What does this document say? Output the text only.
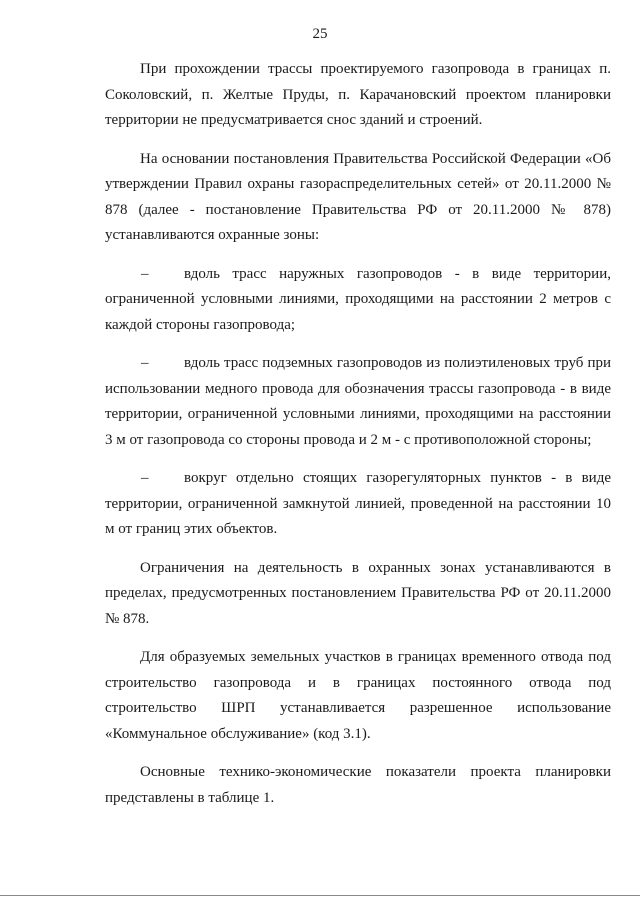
25

При прохождении трассы проектируемого газопровода в границах п. Соколовский, п. Желтые Пруды, п. Карачановский проектом планировки территории не предусматривается снос зданий и строений.

На основании постановления Правительства Российской Федерации «Об утверждении Правил охраны газораспределительных сетей» от 20.11.2000 № 878 (далее - постановление Правительства РФ от 20.11.2000 № 878) устанавливаются охранные зоны:

– вдоль трасс наружных газопроводов - в виде территории, ограниченной условными линиями, проходящими на расстоянии 2 метров с каждой стороны газопровода;

– вдоль трасс подземных газопроводов из полиэтиленовых труб при использовании медного провода для обозначения трассы газопровода - в виде территории, ограниченной условными линиями, проходящими на расстоянии 3 м от газопровода со стороны провода и 2 м - с противоположной стороны;

– вокруг отдельно стоящих газорегуляторных пунктов - в виде территории, ограниченной замкнутой линией, проведенной на расстоянии 10 м от границ этих объектов.

Ограничения на деятельность в охранных зонах устанавливаются в пределах, предусмотренных постановлением Правительства РФ от 20.11.2000 № 878.

Для образуемых земельных участков в границах временного отвода под строительство газопровода и в границах постоянного отвода под строительство ШРП устанавливается разрешенное использование «Коммунальное обслуживание» (код 3.1).

Основные технико-экономические показатели проекта планировки представлены в таблице 1.
